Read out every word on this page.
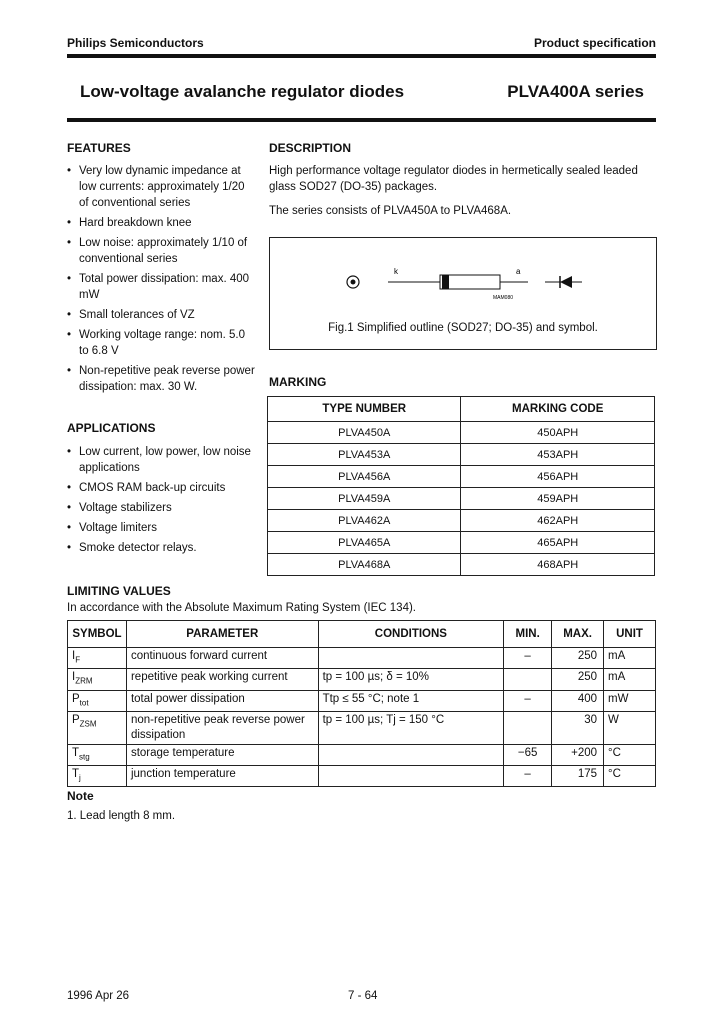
Philips Semiconductors	Product specification
Low-voltage avalanche regulator diodes	PLVA400A series
FEATURES
• Very low dynamic impedance at low currents: approximately 1/20 of conventional series
• Hard breakdown knee
• Low noise: approximately 1/10 of conventional series
• Total power dissipation: max. 400 mW
• Small tolerances of VZ
• Working voltage range: nom. 5.0 to 6.8 V
• Non-repetitive peak reverse power dissipation: max. 30 W.
APPLICATIONS
• Low current, low power, low noise applications
• CMOS RAM back-up circuits
• Voltage stabilizers
• Voltage limiters
• Smoke detector relays.
DESCRIPTION
High performance voltage regulator diodes in hermetically sealed leaded glass SOD27 (DO-35) packages.
The series consists of PLVA450A to PLVA468A.
k	a
MAM080
Fig.1 Simplified outline (SOD27; DO-35) and symbol.
MARKING
TYPE NUMBER	MARKING CODE
PLVA450A	450APH
PLVA453A	453APH
PLVA456A	456APH
PLVA459A	459APH
PLVA462A	462APH
PLVA465A	465APH
PLVA468A	468APH
LIMITING VALUES
In accordance with the Absolute Maximum Rating System (IEC 134).
SYMBOL	PARAMETER	CONDITIONS	MIN.	MAX.	UNIT
$I_F$	continuous forward current		–	250	mA
$I_{ZRM}$	repetitive peak working current	tp = 100 µs; δ = 10%		250	mA
$P_{tot}$	total power dissipation	Ttp ≤ 55 °C; note 1	–	400	mW
$P_{ZSM}$	non-repetitive peak reverse power dissipation	tp = 100 µs; Tj = 150 °C		30	W
$T_{stg}$	storage temperature		−65	+200	°C
$T_j$	junction temperature		–	175	°C
Note
1. Lead length 8 mm.
1996 Apr 26	7 - 64
